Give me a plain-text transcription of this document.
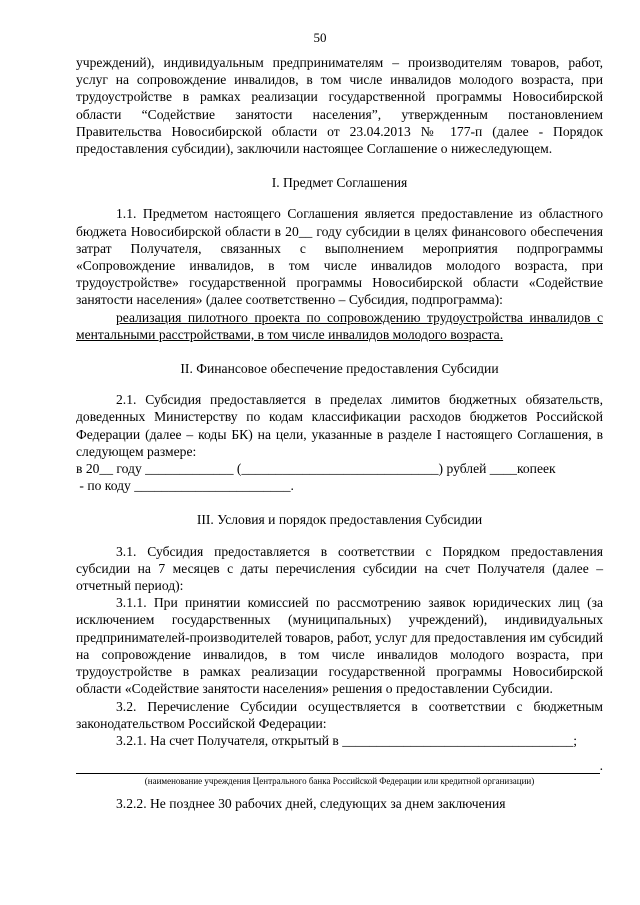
50

учреждений), индивидуальным предпринимателям – производителям товаров, работ, услуг на сопровождение инвалидов, в том числе инвалидов молодого возраста, при трудоустройстве в рамках реализации государственной программы Новосибирской области “Содействие занятости населения”, утвержденным постановлением Правительства Новосибирской области от 23.04.2013 № 177-п (далее - Порядок предоставления субсидии), заключили настоящее Соглашение о нижеследующем.

I. Предмет Соглашения

1.1. Предметом настоящего Соглашения является предоставление из областного бюджета Новосибирской области в 20__ году субсидии в целях финансового обеспечения затрат Получателя, связанных с выполнением мероприятия подпрограммы «Сопровождение инвалидов, в том числе инвалидов молодого возраста, при трудоустройстве» государственной программы Новосибирской области «Содействие занятости населения» (далее соответственно – Субсидия, подпрограмма):

реализация пилотного проекта по сопровождению трудоустройства инвалидов с ментальными расстройствами, в том числе инвалидов молодого возраста.

II. Финансовое обеспечение предоставления Субсидии

2.1. Субсидия предоставляется в пределах лимитов бюджетных обязательств, доведенных Министерству по кодам классификации расходов бюджетов Российской Федерации (далее – коды БК) на цели, указанные в разделе I настоящего Соглашения, в следующем размере:

в 20__ году _____________ (_____________________________) рублей ____копеек

- по коду _______________________.

III. Условия и порядок предоставления Субсидии

3.1. Субсидия предоставляется в соответствии с Порядком предоставления субсидии на 7 месяцев с даты перечисления субсидии на счет Получателя (далее – отчетный период):

3.1.1. При принятии комиссией по рассмотрению заявок юридических лиц (за исключением государственных (муниципальных) учреждений), индивидуальных предпринимателей-производителей товаров, работ, услуг для предоставления им субсидий на сопровождение инвалидов, в том числе инвалидов молодого возраста, при трудоустройстве в рамках реализации государственной программы Новосибирской области «Содействие занятости населения» решения о предоставлении Субсидии.

3.2. Перечисление Субсидии осуществляется в соответствии с бюджетным законодательством Российской Федерации:

3.2.1. На счет Получателя, открытый в __________________________________;

.
(наименование учреждения Центрального банка Российской Федерации или кредитной организации)

3.2.2. Не позднее 30 рабочих дней, следующих за днем заключения
